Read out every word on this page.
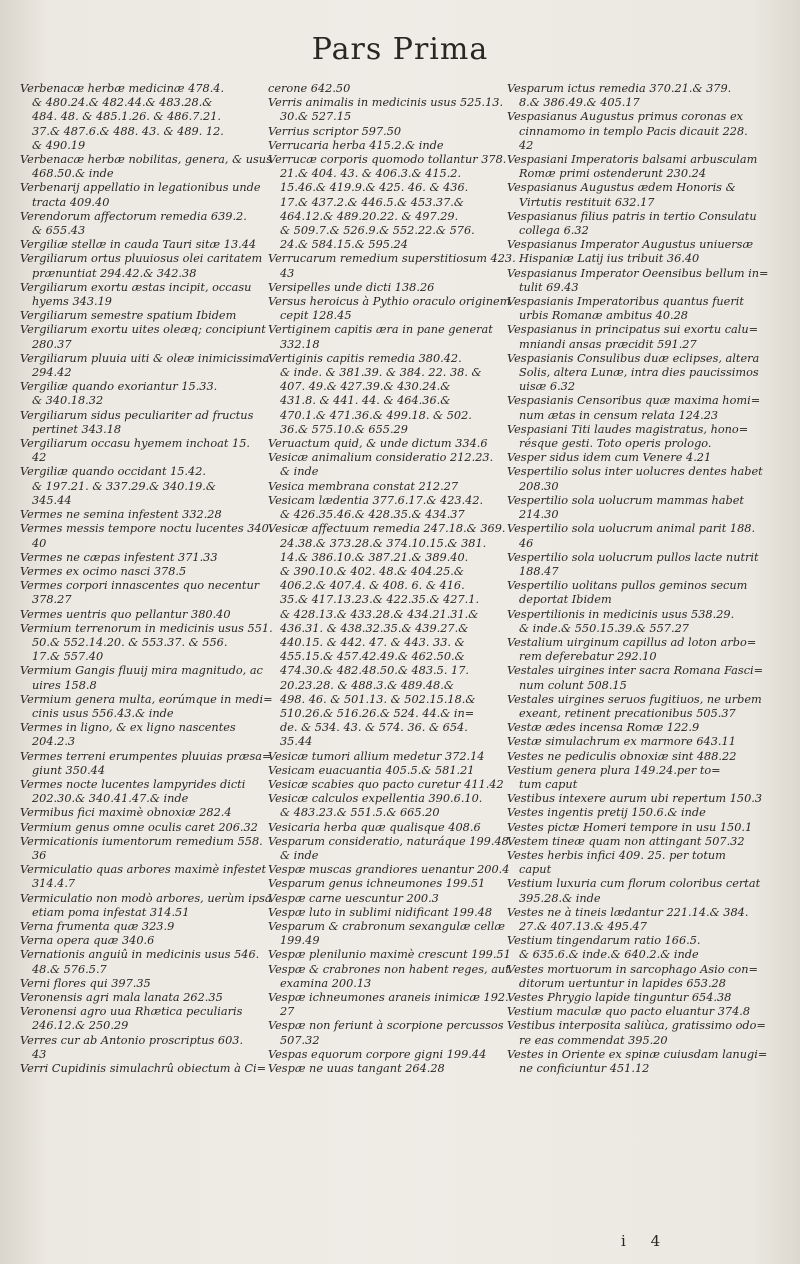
Pars Prima
Verbenacæ herbæ medicinæ 478.4.
& 480.24.& 482.44.& 483.28.&
484. 48. & 485.1.26. & 486.7.21.
37.& 487.6.& 488. 43. & 489. 12.
& 490.19
Verbenacæ herbæ nobilitas, genera, & usus
468.50.& inde
Verbenarij appellatio in legationibus unde
tracta 409.40
Verendorum affectorum remedia 639.2.
& 655.43
Vergiliæ stellæ in cauda Tauri sitæ 13.44
Vergiliarum ortus pluuiosus olei caritatem
prænuntiat 294.42.& 342.38
Vergiliarum exortu æstas incipit, occasu
hyems 343.19
Vergiliarum semestre spatium Ibidem
Vergiliarum exortu uites oleæq; concipiunt
280.37
Vergiliarum pluuia uiti & oleæ inimicissima
294.42
Vergiliæ quando exoriantur 15.33.
& 340.18.32
Vergiliarum sidus peculiariter ad fructus
pertinet 343.18
Vergiliarum occasu hyemem inchoat 15.
42
Vergiliæ quando occidant 15.42.
& 197.21. & 337.29.& 340.19.&
345.44
Vermes ne semina infestent 332.28
Vermes messis tempore noctu lucentes 340.
40
Vermes ne cæpas infestent 371.33
Vermes ex ocimo nasci 378.5
Vermes corpori innascentes quo necentur
378.27
Vermes uentris quo pellantur 380.40
Vermium terrenorum in medicinis usus 551.
50.& 552.14.20. & 553.37. & 556.
17.& 557.40
Vermium Gangis fluuij mira magnitudo, ac
uires 158.8
Vermium genera multa, eorúmque in medi=
cinis usus 556.43.& inde
Vermes in ligno, & ex ligno nascentes
204.2.3
Vermes terreni erumpentes pluuias præsa=
giunt 350.44
Vermes nocte lucentes lampyrides dicti
202.30.& 340.41.47.& inde
Vermibus fici maximè obnoxiæ 282.4
Vermium genus omne oculis caret 206.32
Vermicationis iumentorum remedium 558.
36
Vermiculatio quas arbores maximè infestet
314.4.7
Vermiculatio non modò arbores, uerùm ipsa
etiam poma infestat 314.51
Verna frumenta quæ 323.9
Verna opera quæ 340.6
Vernationis anguiû in medicinis usus 546.
48.& 576.5.7
Verni flores qui 397.35
Veronensis agri mala lanata 262.35
Veronensi agro uua Rhætica peculiaris
246.12.& 250.29
Verres cur ab Antonio proscriptus 603.
43
Verri Cupidinis simulachrû obiectum à Ci=
cerone 642.50
Verris animalis in medicinis usus 525.13.
30.& 527.15
Verrius scriptor 597.50
Verrucaria herba 415.2.& inde
Verrucæ corporis quomodo tollantur 378.
21.& 404. 43. & 406.3.& 415.2.
15.46.& 419.9.& 425. 46. & 436.
17.& 437.2.& 446.5.& 453.37.&
464.12.& 489.20.22. & 497.29.
& 509.7.& 526.9.& 552.22.& 576.
24.& 584.15.& 595.24
Verrucarum remedium superstitiosum 423.
43
Versipelles unde dicti 138.26
Versus heroicus à Pythio oraculo originem
cepit 128.45
Vertiginem capitis æra in pane generat
332.18
Vertiginis capitis remedia 380.42.
& inde. & 381.39. & 384. 22. 38. &
407. 49.& 427.39.& 430.24.&
431.8. & 441. 44. & 464.36.&
470.1.& 471.36.& 499.18. & 502.
36.& 575.10.& 655.29
Veruactum quid, & unde dictum 334.6
Vesicæ animalium consideratio 212.23.
& inde
Vesica membrana constat 212.27
Vesicam lædentia 377.6.17.& 423.42.
& 426.35.46.& 428.35.& 434.37
Vesicæ affectuum remedia 247.18.& 369.
24.38.& 373.28.& 374.10.15.& 381.
14.& 386.10.& 387.21.& 389.40.
& 390.10.& 402. 48.& 404.25.&
406.2.& 407.4. & 408. 6. & 416.
35.& 417.13.23.& 422.35.& 427.1.
& 428.13.& 433.28.& 434.21.31.&
436.31. & 438.32.35.& 439.27.&
440.15. & 442. 47. & 443. 33. &
455.15.& 457.42.49.& 462.50.&
474.30.& 482.48.50.& 483.5. 17.
20.23.28. & 488.3.& 489.48.&
498. 46. & 501.13. & 502.15.18.&
510.26.& 516.26.& 524. 44.& in=
de. & 534. 43. & 574. 36. & 654.
35.44
Vesicæ tumori allium medetur 372.14
Vesicam euacuantia 405.5.& 581.21
Vesicæ scabies quo pacto curetur 411.42
Vesicæ calculos expellentia 390.6.10.
& 483.23.& 551.5.& 665.20
Vesicaria herba quæ qualisque 408.6
Vesparum consideratio, naturáque 199.48.
& inde
Vespæ muscas grandiores uenantur 200.4
Vesparum genus ichneumones 199.51
Vespæ carne uescuntur 200.3
Vespæ luto in sublimi nidificant 199.48
Vesparum & crabronum sexangulæ cellæ
199.49
Vespæ plenilunio maximè crescunt 199.51
Vespæ & crabrones non habent reges, aut
examina 200.13
Vespæ ichneumones araneis inimicæ 192.
27
Vespæ non feriunt à scorpione percussos
507.32
Vespas equorum corpore gigni 199.44
Vespæ ne uuas tangant 264.28
Vesparum ictus remedia 370.21.& 379.
8.& 386.49.& 405.17
Vespasianus Augustus primus coronas ex
cinnamomo in templo Pacis dicauit 228.
42
Vespasiani Imperatoris balsami arbusculam
Romæ primi ostenderunt 230.24
Vespasianus Augustus ædem Honoris &
Virtutis restituit 632.17
Vespasianus filius patris in tertio Consulatu
collega 6.32
Vespasianus Imperator Augustus uniuersæ
Hispaniæ Latij ius tribuit 36.40
Vespasianus Imperator Oeensibus bellum in=
tulit 69.43
Vespasianis Imperatoribus quantus fuerit
urbis Romanæ ambitus 40.28
Vespasianus in principatus sui exortu calu=
mniandi ansas præcidit 591.27
Vespasianis Consulibus duæ eclipses, altera
Solis, altera Lunæ, intra dies paucissimos
uisæ 6.32
Vespasianis Censoribus quæ maxima homi=
num ætas in censum relata 124.23
Vespasiani Titi laudes magistratus, hono=
résque gesti. Toto operis prologo.
Vesper sidus idem cum Venere 4.21
Vespertilio solus inter uolucres dentes habet
208.30
Vespertilio sola uolucrum mammas habet
214.30
Vespertilio sola uolucrum animal parit 188.
46
Vespertilio sola uolucrum pullos lacte nutrit
188.47
Vespertilio uolitans pullos geminos secum
deportat Ibidem
Vespertilionis in medicinis usus 538.29.
& inde.& 550.15.39.& 557.27
Vestalium uirginum capillus ad loton arbo=
rem deferebatur 292.10
Vestales uirgines inter sacra Romana Fasci=
num colunt 508.15
Vestales uirgines seruos fugitiuos, ne urbem
exeant, retinent precationibus 505.37
Vestæ ædes incensa Romæ 122.9
Vestæ simulachrum ex marmore 643.11
Vestes ne pediculis obnoxiæ sint 488.22
Vestium genera plura 149.24.per to=
tum caput
Vestibus intexere aurum ubi repertum 150.3
Vestes ingentis pretij 150.6.& inde
Vestes pictæ Homeri tempore in usu 150.1
Vestem tineæ quam non attingant 507.32
Vestes herbis infici 409. 25. per totum
caput
Vestium luxuria cum florum coloribus certat
395.28.& inde
Vestes ne à tineis lædantur 221.14.& 384.
27.& 407.13.& 495.47
Vestium tingendarum ratio 166.5.
& 635.6.& inde.& 640.2.& inde
Vestes mortuorum in sarcophago Asio con=
ditorum uertuntur in lapides 653.28
Vestes Phrygio lapide tinguntur 654.38
Vestium maculæ quo pacto eluantur 374.8
Vestibus interposita saliùca, gratissimo odo=
re eas commendat 395.20
Vestes in Oriente ex spinæ cuiusdam lanugi=
ne conficiuntur 451.12
i 4
